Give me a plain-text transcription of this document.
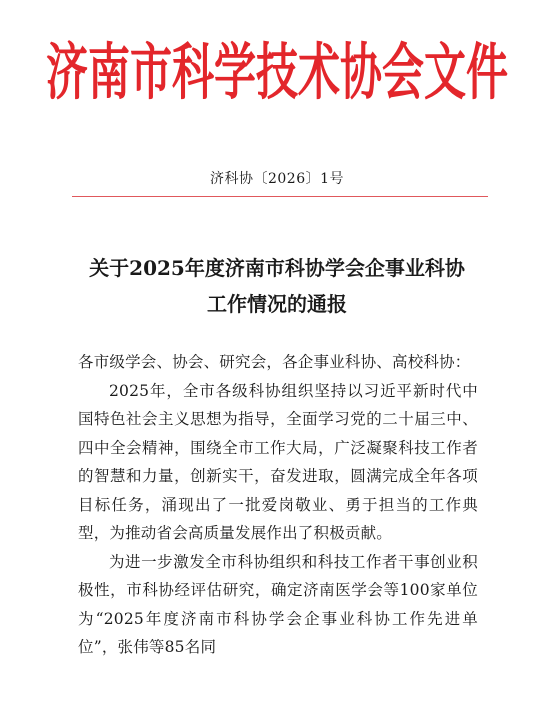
济南市科学技术协会文件
济科协〔2026〕1号
关于2025年度济南市科协学会企事业科协
工作情况的通报

各市级学会、协会、研究会，各企事业科协、高校科协：

2025年，全市各级科协组织坚持以习近平新时代中国特色社会主义思想为指导，全面学习党的二十届三中、四中全会精神，围绕全市工作大局，广泛凝聚科技工作者的智慧和力量，创新实干，奋发进取，圆满完成全年各项目标任务，涌现出了一批爱岗敬业、勇于担当的工作典型，为推动省会高质量发展作出了积极贡献。

为进一步激发全市科协组织和科技工作者干事创业积极性，市科协经评估研究，确定济南医学会等100家单位为“2025年度济南市科协学会企事业科协工作先进单位”，张伟等85名同
